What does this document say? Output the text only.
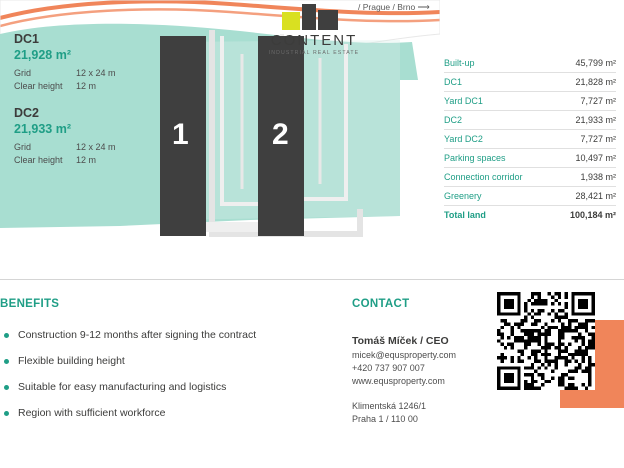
1	2
DC1
21,928 m²
Grid	12 x 24 m
Clear height	12 m
DC2
21,933 m²
Grid	12 x 24 m
Clear height	12 m
CONTENT
INDUSTRIAL REAL ESTATE
/ Prague / Brno ⟶
Built-up	45,799 m²
DC1	21,828 m²
Yard DC1	7,727 m²
DC2	21,933 m²
Yard DC2	7,727 m²
Parking spaces	10,497 m²
Connection corridor	1,938 m²
Greenery	28,421 m²
Total land	100,184 m²
BENEFITS
Construction 9-12 months after signing the contract
Flexible building height
Suitable for easy manufacturing and logistics
Region with sufficient workforce
CONTACT
Tomáš Míček / CEO
micek@equsproperty.com
+420 737 907 007
www.equsproperty.com
Klimentská 1246/1
Praha 1 / 110 00
